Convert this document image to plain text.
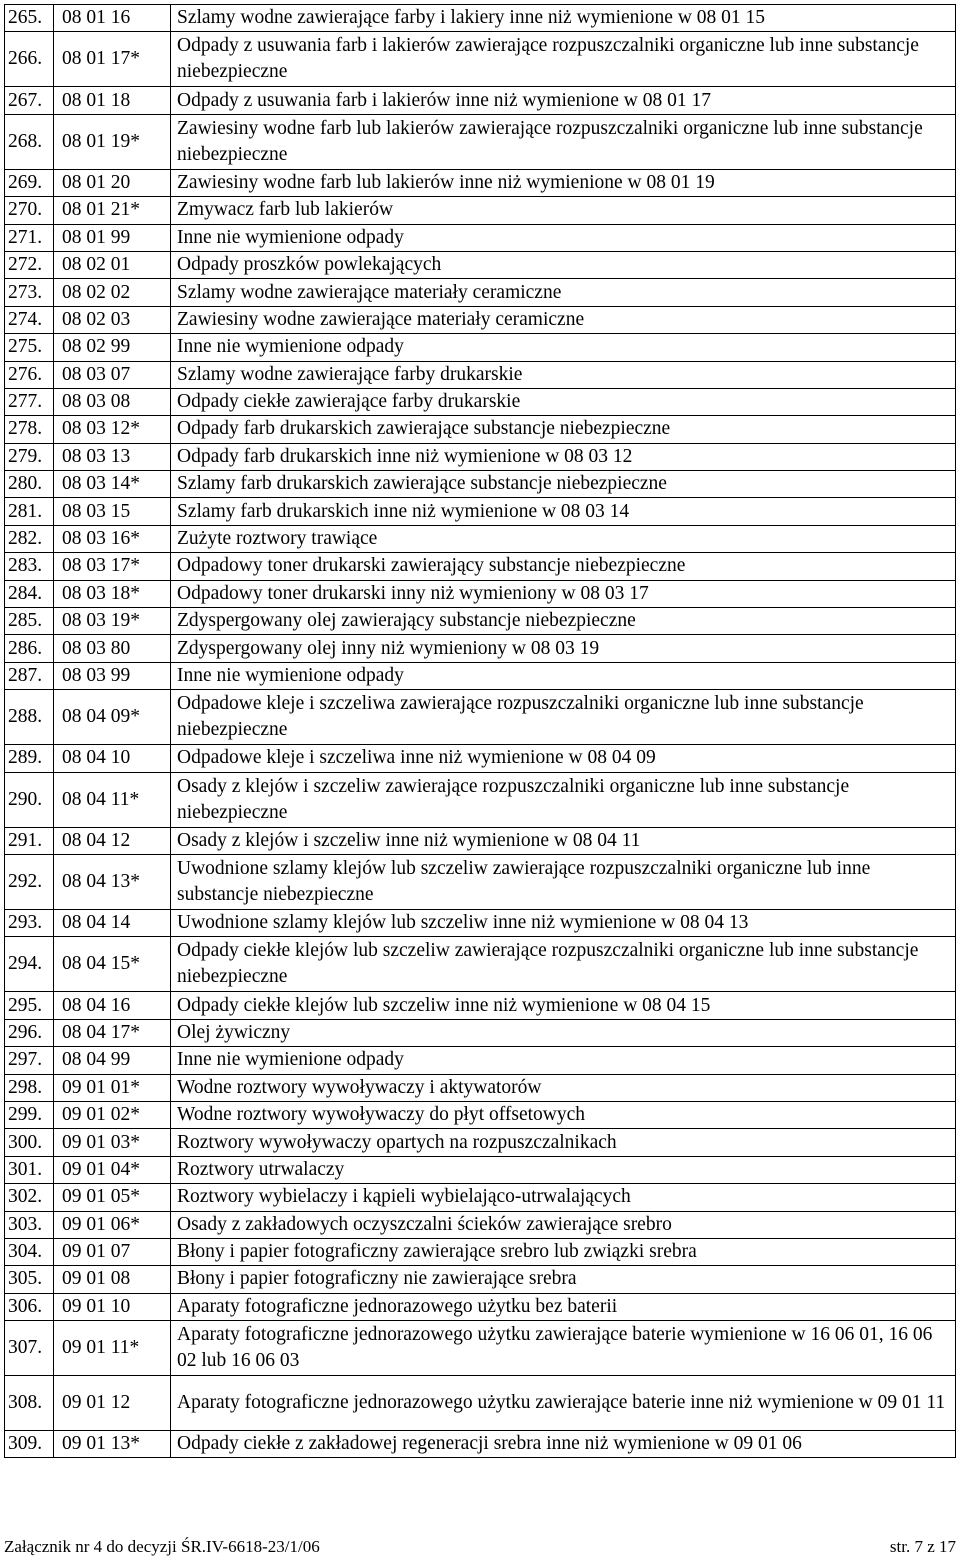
265.	08 01 16	Szlamy wodne zawierające farby i lakiery inne niż wymienione w 08 01 15
266.	08 01 17*	Odpady z usuwania farb i lakierów zawierające rozpuszczalniki organiczne lub inne substancje niebezpieczne
267.	08 01 18	Odpady z usuwania farb i lakierów inne niż wymienione w 08 01 17
268.	08 01 19*	Zawiesiny wodne farb lub lakierów zawierające rozpuszczalniki organiczne lub inne substancje niebezpieczne
269.	08 01 20	Zawiesiny wodne farb lub lakierów inne niż wymienione w 08 01 19
270.	08 01 21*	Zmywacz farb lub lakierów
271.	08 01 99	Inne nie wymienione odpady
272.	08 02 01	Odpady proszków powlekających
273.	08 02 02	Szlamy wodne zawierające materiały ceramiczne
274.	08 02 03	Zawiesiny wodne zawierające materiały ceramiczne
275.	08 02 99	Inne nie wymienione odpady
276.	08 03 07	Szlamy wodne zawierające farby drukarskie
277.	08 03 08	Odpady ciekłe zawierające farby drukarskie
278.	08 03 12*	Odpady farb drukarskich zawierające substancje niebezpieczne
279.	08 03 13	Odpady farb drukarskich inne niż wymienione w 08 03 12
280.	08 03 14*	Szlamy farb drukarskich zawierające substancje niebezpieczne
281.	08 03 15	Szlamy farb drukarskich inne niż wymienione w 08 03 14
282.	08 03 16*	Zużyte roztwory trawiące
283.	08 03 17*	Odpadowy toner drukarski zawierający substancje niebezpieczne
284.	08 03 18*	Odpadowy toner drukarski inny niż wymieniony w 08 03 17
285.	08 03 19*	Zdyspergowany olej zawierający substancje niebezpieczne
286.	08 03 80	Zdyspergowany olej inny niż wymieniony w 08 03 19
287.	08 03 99	Inne nie wymienione odpady
288.	08 04 09*	Odpadowe kleje i szczeliwa zawierające rozpuszczalniki organiczne lub inne substancje niebezpieczne
289.	08 04 10	Odpadowe kleje i szczeliwa inne niż wymienione w 08 04 09
290.	08 04 11*	Osady z klejów i szczeliw zawierające rozpuszczalniki organiczne lub inne substancje niebezpieczne
291.	08 04 12	Osady z klejów i szczeliw inne niż wymienione w 08 04 11
292.	08 04 13*	Uwodnione szlamy klejów lub szczeliw zawierające rozpuszczalniki organiczne lub inne substancje niebezpieczne
293.	08 04 14	Uwodnione szlamy klejów lub szczeliw inne niż wymienione w 08 04 13
294.	08 04 15*	Odpady ciekłe klejów lub szczeliw zawierające rozpuszczalniki organiczne lub inne substancje niebezpieczne
295.	08 04 16	Odpady ciekłe klejów lub szczeliw inne niż wymienione w 08 04 15
296.	08 04 17*	Olej żywiczny
297.	08 04 99	Inne nie wymienione odpady
298.	09 01 01*	Wodne roztwory wywoływaczy i aktywatorów
299.	09 01 02*	Wodne roztwory wywoływaczy do płyt offsetowych
300.	09 01 03*	Roztwory wywoływaczy opartych na rozpuszczalnikach
301.	09 01 04*	Roztwory utrwalaczy
302.	09 01 05*	Roztwory wybielaczy i kąpieli wybielająco-utrwalających
303.	09 01 06*	Osady z zakładowych oczyszczalni ścieków zawierające srebro
304.	09 01 07	Błony i papier fotograficzny zawierające srebro lub związki srebra
305.	09 01 08	Błony i papier fotograficzny nie zawierające srebra
306.	09 01 10	Aparaty fotograficzne jednorazowego użytku bez baterii
307.	09 01 11*	Aparaty fotograficzne jednorazowego użytku zawierające baterie wymienione w 16 06 01, 16 06 02 lub 16 06 03
308.	09 01 12	Aparaty fotograficzne jednorazowego użytku zawierające baterie inne niż wymienione w 09 01 11
309.	09 01 13*	Odpady ciekłe z zakładowej regeneracji srebra inne niż wymienione w 09 01 06
Załącznik nr 4 do decyzji ŚR.IV-6618-23/1/06	str. 7 z 17
